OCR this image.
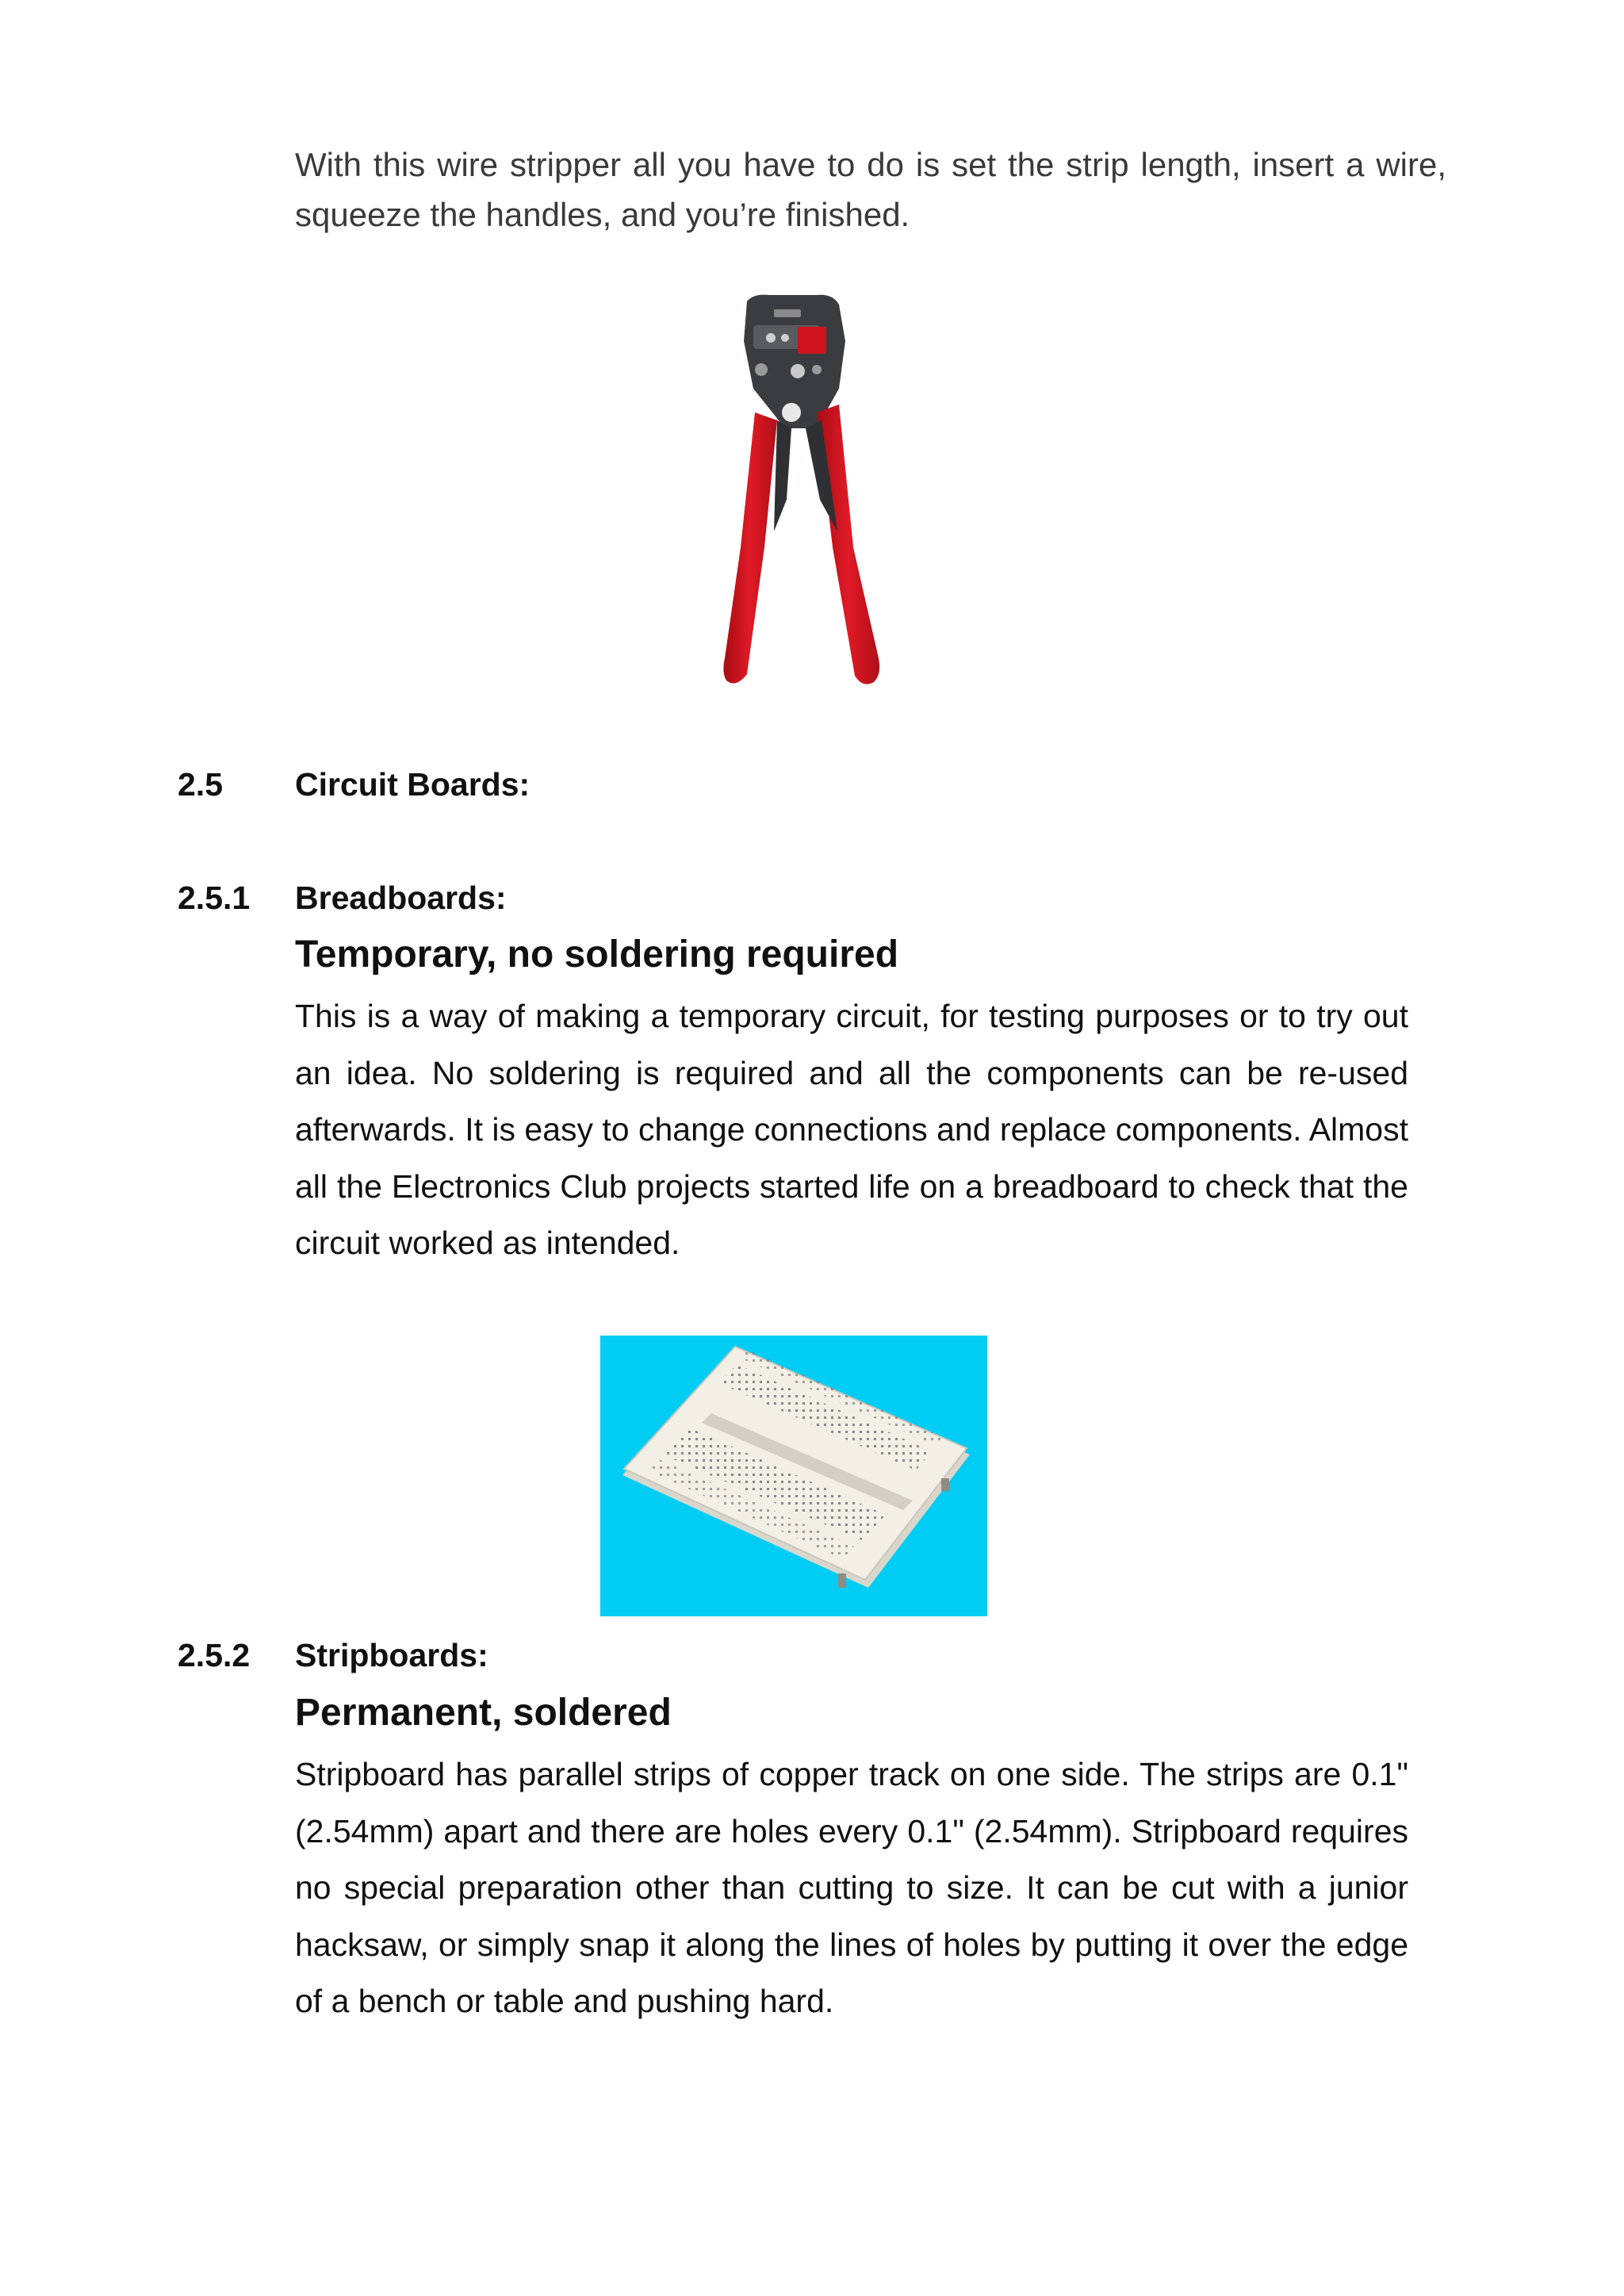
With this wire stripper all you have to do is set the strip length, insert a wire, squeeze the handles, and you’re finished.

2.5 Circuit Boards:
2.5.1 Breadboards:
Temporary, no soldering required

This is a way of making a temporary circuit, for testing purposes or to try out an idea. No soldering is required and all the components can be re-used afterwards. It is easy to change connections and replace components. Almost all the Electronics Club projects started life on a breadboard to check that the circuit worked as intended.

2.5.2 Stripboards:
Permanent, soldered

Stripboard has parallel strips of copper track on one side. The strips are 0.1" (2.54mm) apart and there are holes every 0.1" (2.54mm). Stripboard requires no special preparation other than cutting to size. It can be cut with a junior hacksaw, or simply snap it along the lines of holes by putting it over the edge of a bench or table and pushing hard.
